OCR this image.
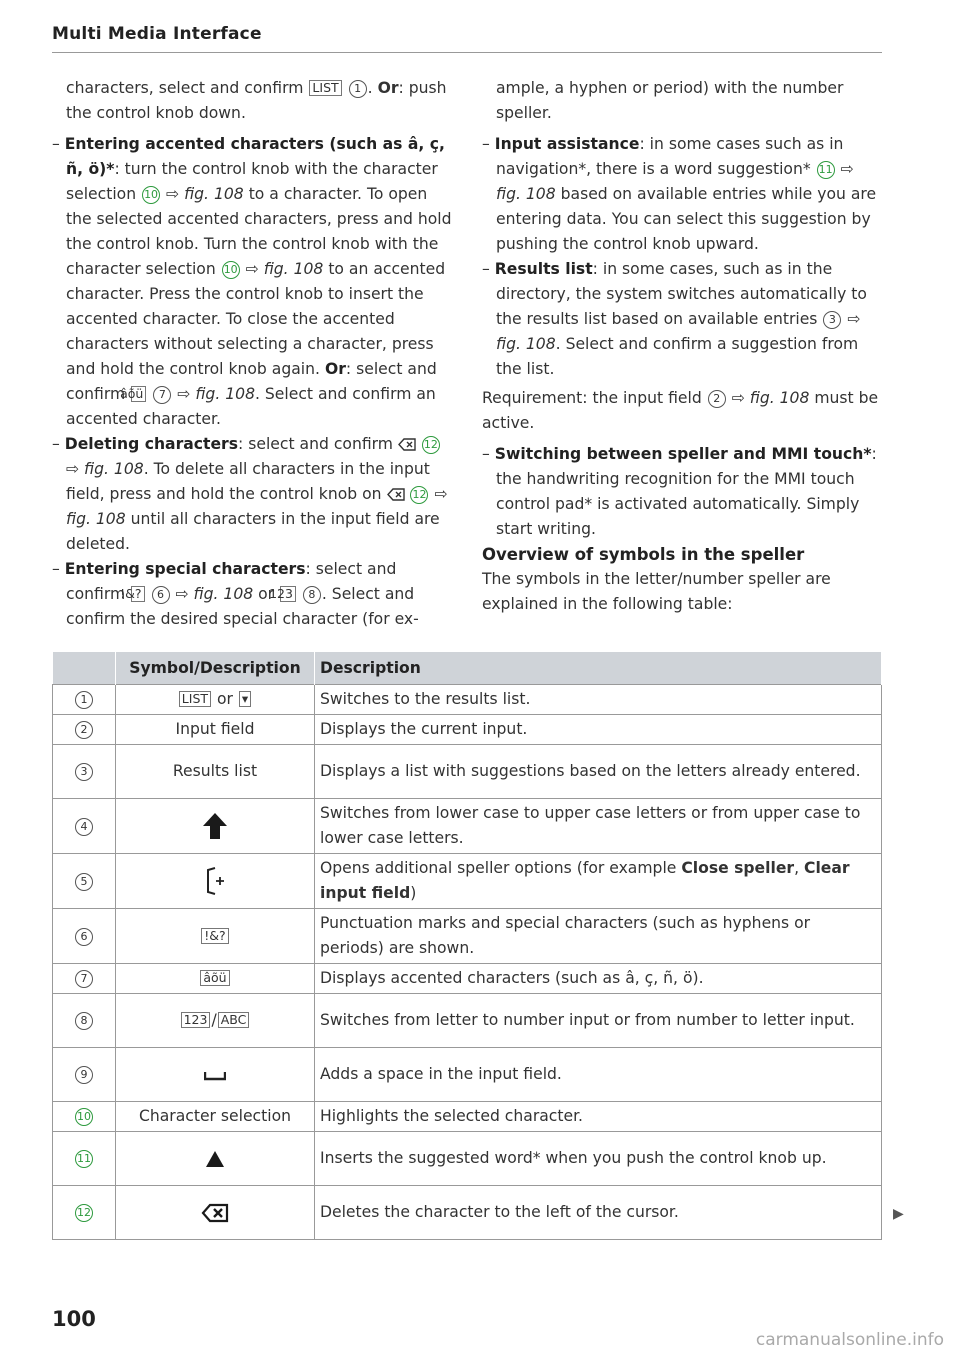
Multi Media Interface

characters, select and confirm LIST 1 . Or: push the control knob down.

– Entering accented characters (such as â, ç, ñ, ö)*: turn the control knob with the character selection 10 ⇨ fig. 108 to a character. To open the selected accented characters, press and hold the control knob. Turn the control knob with the character selection 10 ⇨ fig. 108 to an accented character. Press the control knob to insert the accented character. To close the accented characters without selecting a character, press and hold the control knob again. Or: select and confirm âõü 7 ⇨ fig. 108. Select and confirm an accented character.

– Deleting characters: select and confirm	12 ⇨ fig. 108. To delete all characters in the input field, press and hold the control knob on	12 ⇨ fig. 108 until all characters in the input field are deleted.

– Entering special characters: select and confirm !&? 6 ⇨ fig. 108 or 123 8 . Select and confirm the desired special character (for ex-

ample, a hyphen or period) with the number speller.

– Input assistance: in some cases such as in navigation*, there is a word suggestion* 11 ⇨ fig. 108 based on available entries while you are entering data. You can select this suggestion by pushing the control knob upward.

– Results list: in some cases, such as in the directory, the system switches automatically to the results list based on available entries 3 ⇨ fig. 108. Select and confirm a suggestion from the list.

Requirement: the input field 2 ⇨ fig. 108 must be active.

– Switching between speller and MMI touch*: the handwriting recognition for the MMI touch control pad* is activated automatically. Simply start writing.

Overview of symbols in the speller

The symbols in the letter/number speller are explained in the following table:

	Symbol/Description	Description
1	LIST or ▾	Switches to the results list.
2	Input field	Displays the current input.
3	Results list	Displays a list with suggestions based on the letters already entered.
4		Switches from lower case to upper case letters or from upper case to lower case letters.
5		Opens additional speller options (for example Close speller, Clear input field)
6	!&?	Punctuation marks and special characters (such as hyphens or periods) are shown.
7	âõü	Displays accented characters (such as â, ç, ñ, ö).
8	123 / ABC	Switches from letter to number input or from number to letter input.
9		Adds a space in the input field.
10	Character selection	Highlights the selected character.
11		Inserts the suggested word* when you push the control knob up.
12		Deletes the character to the left of the cursor.	▶
100
carmanualsonline.info
